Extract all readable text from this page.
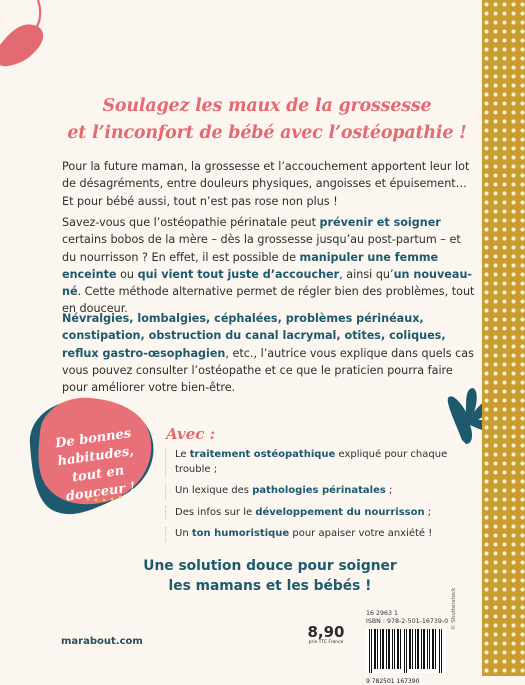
Soulagez les maux de la grossesse
et l’inconfort de bébé avec l’ostéopathie !

Pour la future maman, la grossesse et l’accouchement apportent leur lot de désagréments, entre douleurs physiques, angoisses et épuisement… Et pour bébé aussi, tout n’est pas rose non plus !

Savez-vous que l’ostéopathie périnatale peut prévenir et soigner certains bobos de la mère – dès la grossesse jusqu’au post-partum – et du nourrisson ? En effet, il est possible de manipuler une femme enceinte ou qui vient tout juste d’accoucher, ainsi qu’un nouveau-né. Cette méthode alternative permet de régler bien des problèmes, tout en douceur.

Névralgies, lombalgies, céphalées, problèmes périnéaux, constipation, obstruction du canal lacrymal, otites, coliques, reflux gastro-œsophagien, etc., l’autrice vous explique dans quels cas vous pouvez consulter l’ostéopathe et ce que le praticien pourra faire pour améliorer votre bien-être.

De bonnes habitudes, tout en douceur !
Avec :
Le traitement ostéopathique expliqué pour chaque trouble ;
Un lexique des pathologies périnatales ;
Des infos sur le développement du nourrisson ;
Un ton humoristique pour apaiser votre anxiété !
Une solution douce pour soigner
les mamans et les bébés !
marabout.com
8,90
prix TTC France
16 2963 1
ISBN : 978-2-501-16739-0
9 782501 167390
© Shutterstock
